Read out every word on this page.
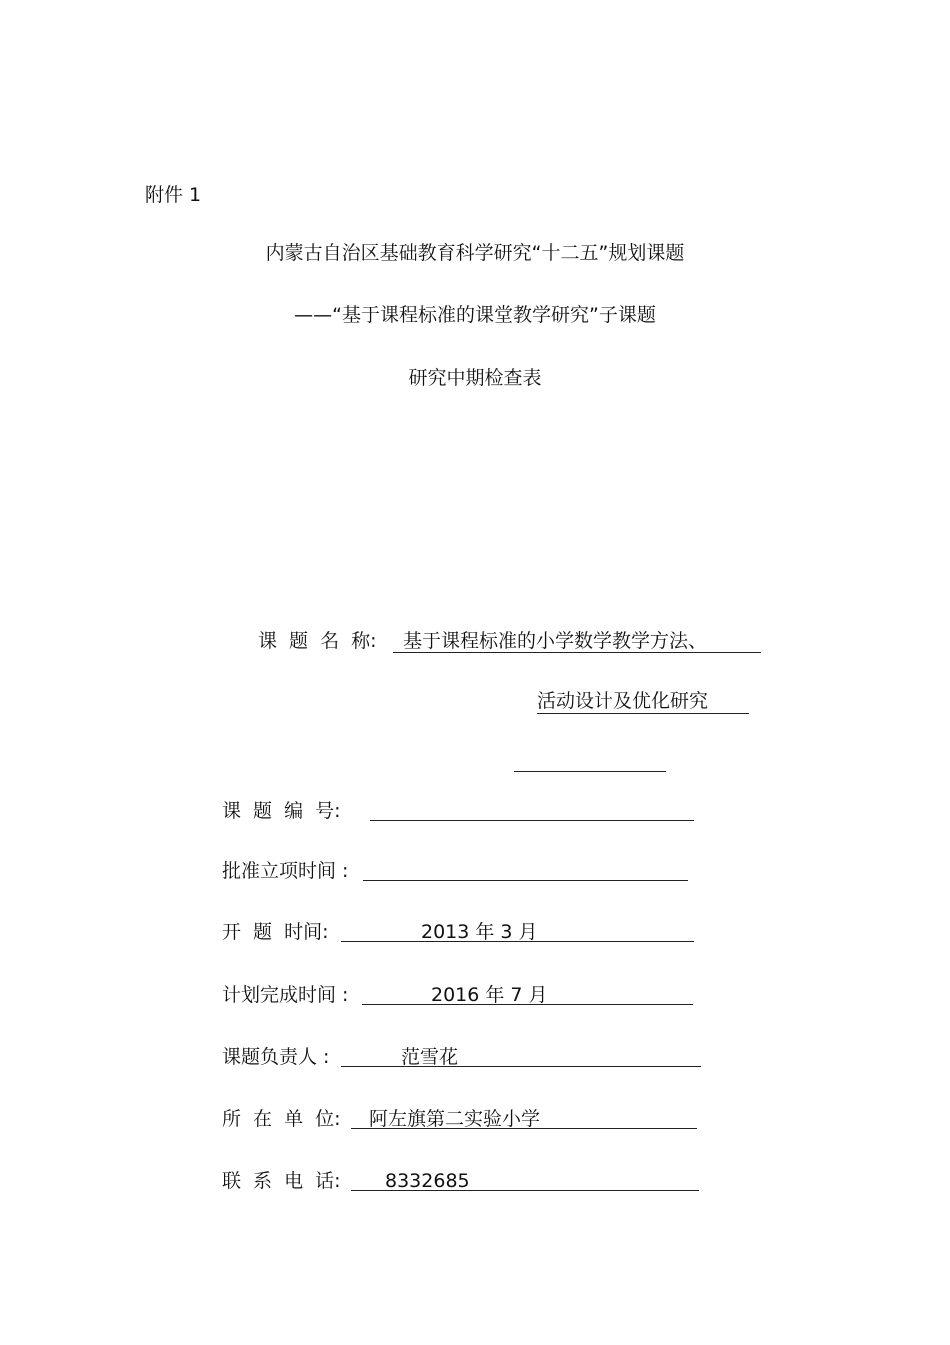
附件 1
内蒙古自治区基础教育科学研究“十二五”规划课题
——“基于课程标准的课堂教学研究”子课题
研究中期检查表
课 题 名 称: 基于课程标准的小学数学教学方法、
活动设计及优化研究
课 题 编 号:
批准立项时间 :
开 题 时间:	2013 年 3 月
计划完成时间 :	2016 年 7 月
课题负责人 :	范雪花
所 在 单 位: 阿左旗第二实验小学
联 系 电 话: 8332685
